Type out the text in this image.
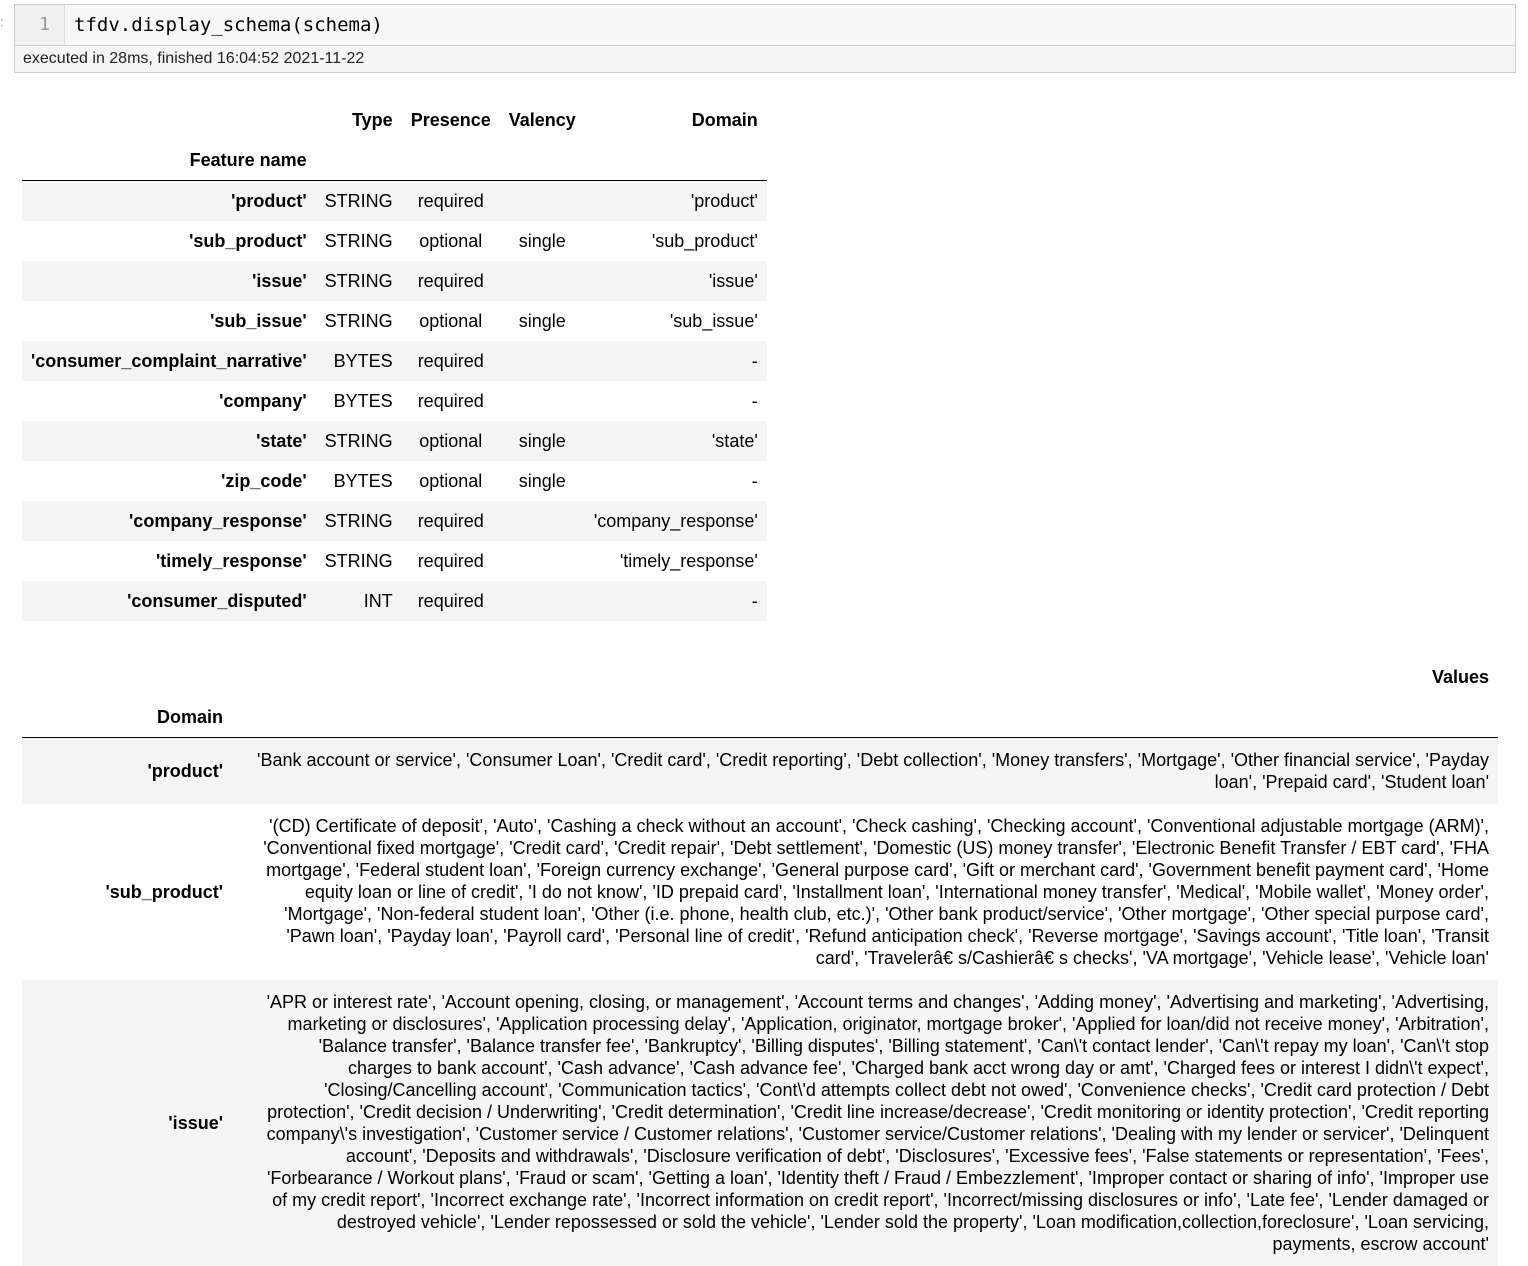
:	1	tfdv.display_schema(schema)
executed in 28ms, finished 16:04:52 2021-11-22
	Type	Presence	Valency	Domain
Feature name				
'product'	STRING	required		'product'
'sub_product'	STRING	optional	single	'sub_product'
'issue'	STRING	required		'issue'
'sub_issue'	STRING	optional	single	'sub_issue'
'consumer_complaint_narrative'	BYTES	required		-
'company'	BYTES	required		-
'state'	STRING	optional	single	'state'
'zip_code'	BYTES	optional	single	-
'company_response'	STRING	required		'company_response'
'timely_response'	STRING	required		'timely_response'
'consumer_disputed'	INT	required		-
	Values
Domain	
'product'	'Bank account or service', 'Consumer Loan', 'Credit card', 'Credit reporting', 'Debt collection', 'Money transfers', 'Mortgage', 'Other financial service', 'Payday loan', 'Prepaid card', 'Student loan'
'sub_product'	'(CD) Certificate of deposit', 'Auto', 'Cashing a check without an account', 'Check cashing', 'Checking account', 'Conventional adjustable mortgage (ARM)', 'Conventional fixed mortgage', 'Credit card', 'Credit repair', 'Debt settlement', 'Domestic (US) money transfer', 'Electronic Benefit Transfer / EBT card', 'FHA mortgage', 'Federal student loan', 'Foreign currency exchange', 'General purpose card', 'Gift or merchant card', 'Government benefit payment card', 'Home equity loan or line of credit', 'I do not know', 'ID prepaid card', 'Installment loan', 'International money transfer', 'Medical', 'Mobile wallet', 'Money order', 'Mortgage', 'Non-federal student loan', 'Other (i.e. phone, health club, etc.)', 'Other bank product/service', 'Other mortgage', 'Other special purpose card', 'Pawn loan', 'Payday loan', 'Payroll card', 'Personal line of credit', 'Refund anticipation check', 'Reverse mortgage', 'Savings account', 'Title loan', 'Transit card', 'Travelerâ€ s/Cashierâ€ s checks', 'VA mortgage', 'Vehicle lease', 'Vehicle loan'
'issue'	'APR or interest rate', 'Account opening, closing, or management', 'Account terms and changes', 'Adding money', 'Advertising and marketing', 'Advertising, marketing or disclosures', 'Application processing delay', 'Application, originator, mortgage broker', 'Applied for loan/did not receive money', 'Arbitration', 'Balance transfer', 'Balance transfer fee', 'Bankruptcy', 'Billing disputes', 'Billing statement', 'Can\'t contact lender', 'Can\'t repay my loan', 'Can\'t stop charges to bank account', 'Cash advance', 'Cash advance fee', 'Charged bank acct wrong day or amt', 'Charged fees or interest I didn\'t expect', 'Closing/Cancelling account', 'Communication tactics', 'Cont\'d attempts collect debt not owed', 'Convenience checks', 'Credit card protection / Debt protection', 'Credit decision / Underwriting', 'Credit determination', 'Credit line increase/decrease', 'Credit monitoring or identity protection', 'Credit reporting company\'s investigation', 'Customer service / Customer relations', 'Customer service/Customer relations', 'Dealing with my lender or servicer', 'Delinquent account', 'Deposits and withdrawals', 'Disclosure verification of debt', 'Disclosures', 'Excessive fees', 'False statements or representation', 'Fees', 'Forbearance / Workout plans', 'Fraud or scam', 'Getting a loan', 'Identity theft / Fraud / Embezzlement', 'Improper contact or sharing of info', 'Improper use of my credit report', 'Incorrect exchange rate', 'Incorrect information on credit report', 'Incorrect/missing disclosures or info', 'Late fee', 'Lender damaged or destroyed vehicle', 'Lender repossessed or sold the vehicle', 'Lender sold the property', 'Loan modification,collection,foreclosure', 'Loan servicing, payments, escrow account'
